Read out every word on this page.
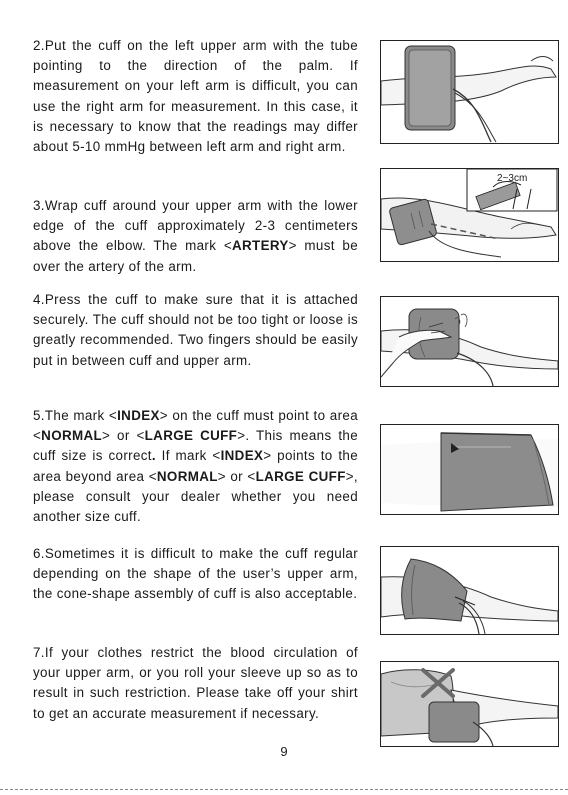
2.Put the cuff on the left upper arm with the tube pointing to the direction of the palm. If measurement on your left arm is difficult, you can use the right arm for measurement. In this case, it is necessary to know that the readings may differ about 5-10 mmHg between left arm and right arm.
3.Wrap cuff around your upper arm with the lower edge of the cuff approximately 2-3 centimeters above the elbow. The mark <ARTERY> must be over the artery of the arm.
4.Press the cuff to make sure that it is attached securely. The cuff should not be too tight or loose is greatly recommended. Two fingers should be easily put in between cuff and upper arm.
5.The mark <INDEX> on the cuff must point to area <NORMAL> or <LARGE CUFF>. This means the cuff size is correct. If mark <INDEX> points to the area beyond area <NORMAL> or <LARGE CUFF>, please consult your dealer whether you need another size cuff.
6.Sometimes it is difficult to make the cuff regular depending on the shape of the user’s upper arm, the cone-shape assembly of cuff is also acceptable.
7.If your clothes restrict the blood circulation of your upper arm, or you roll your sleeve up so as to result in such restriction. Please take off your shirt to get an accurate measurement if necessary.
2~3cm
9
